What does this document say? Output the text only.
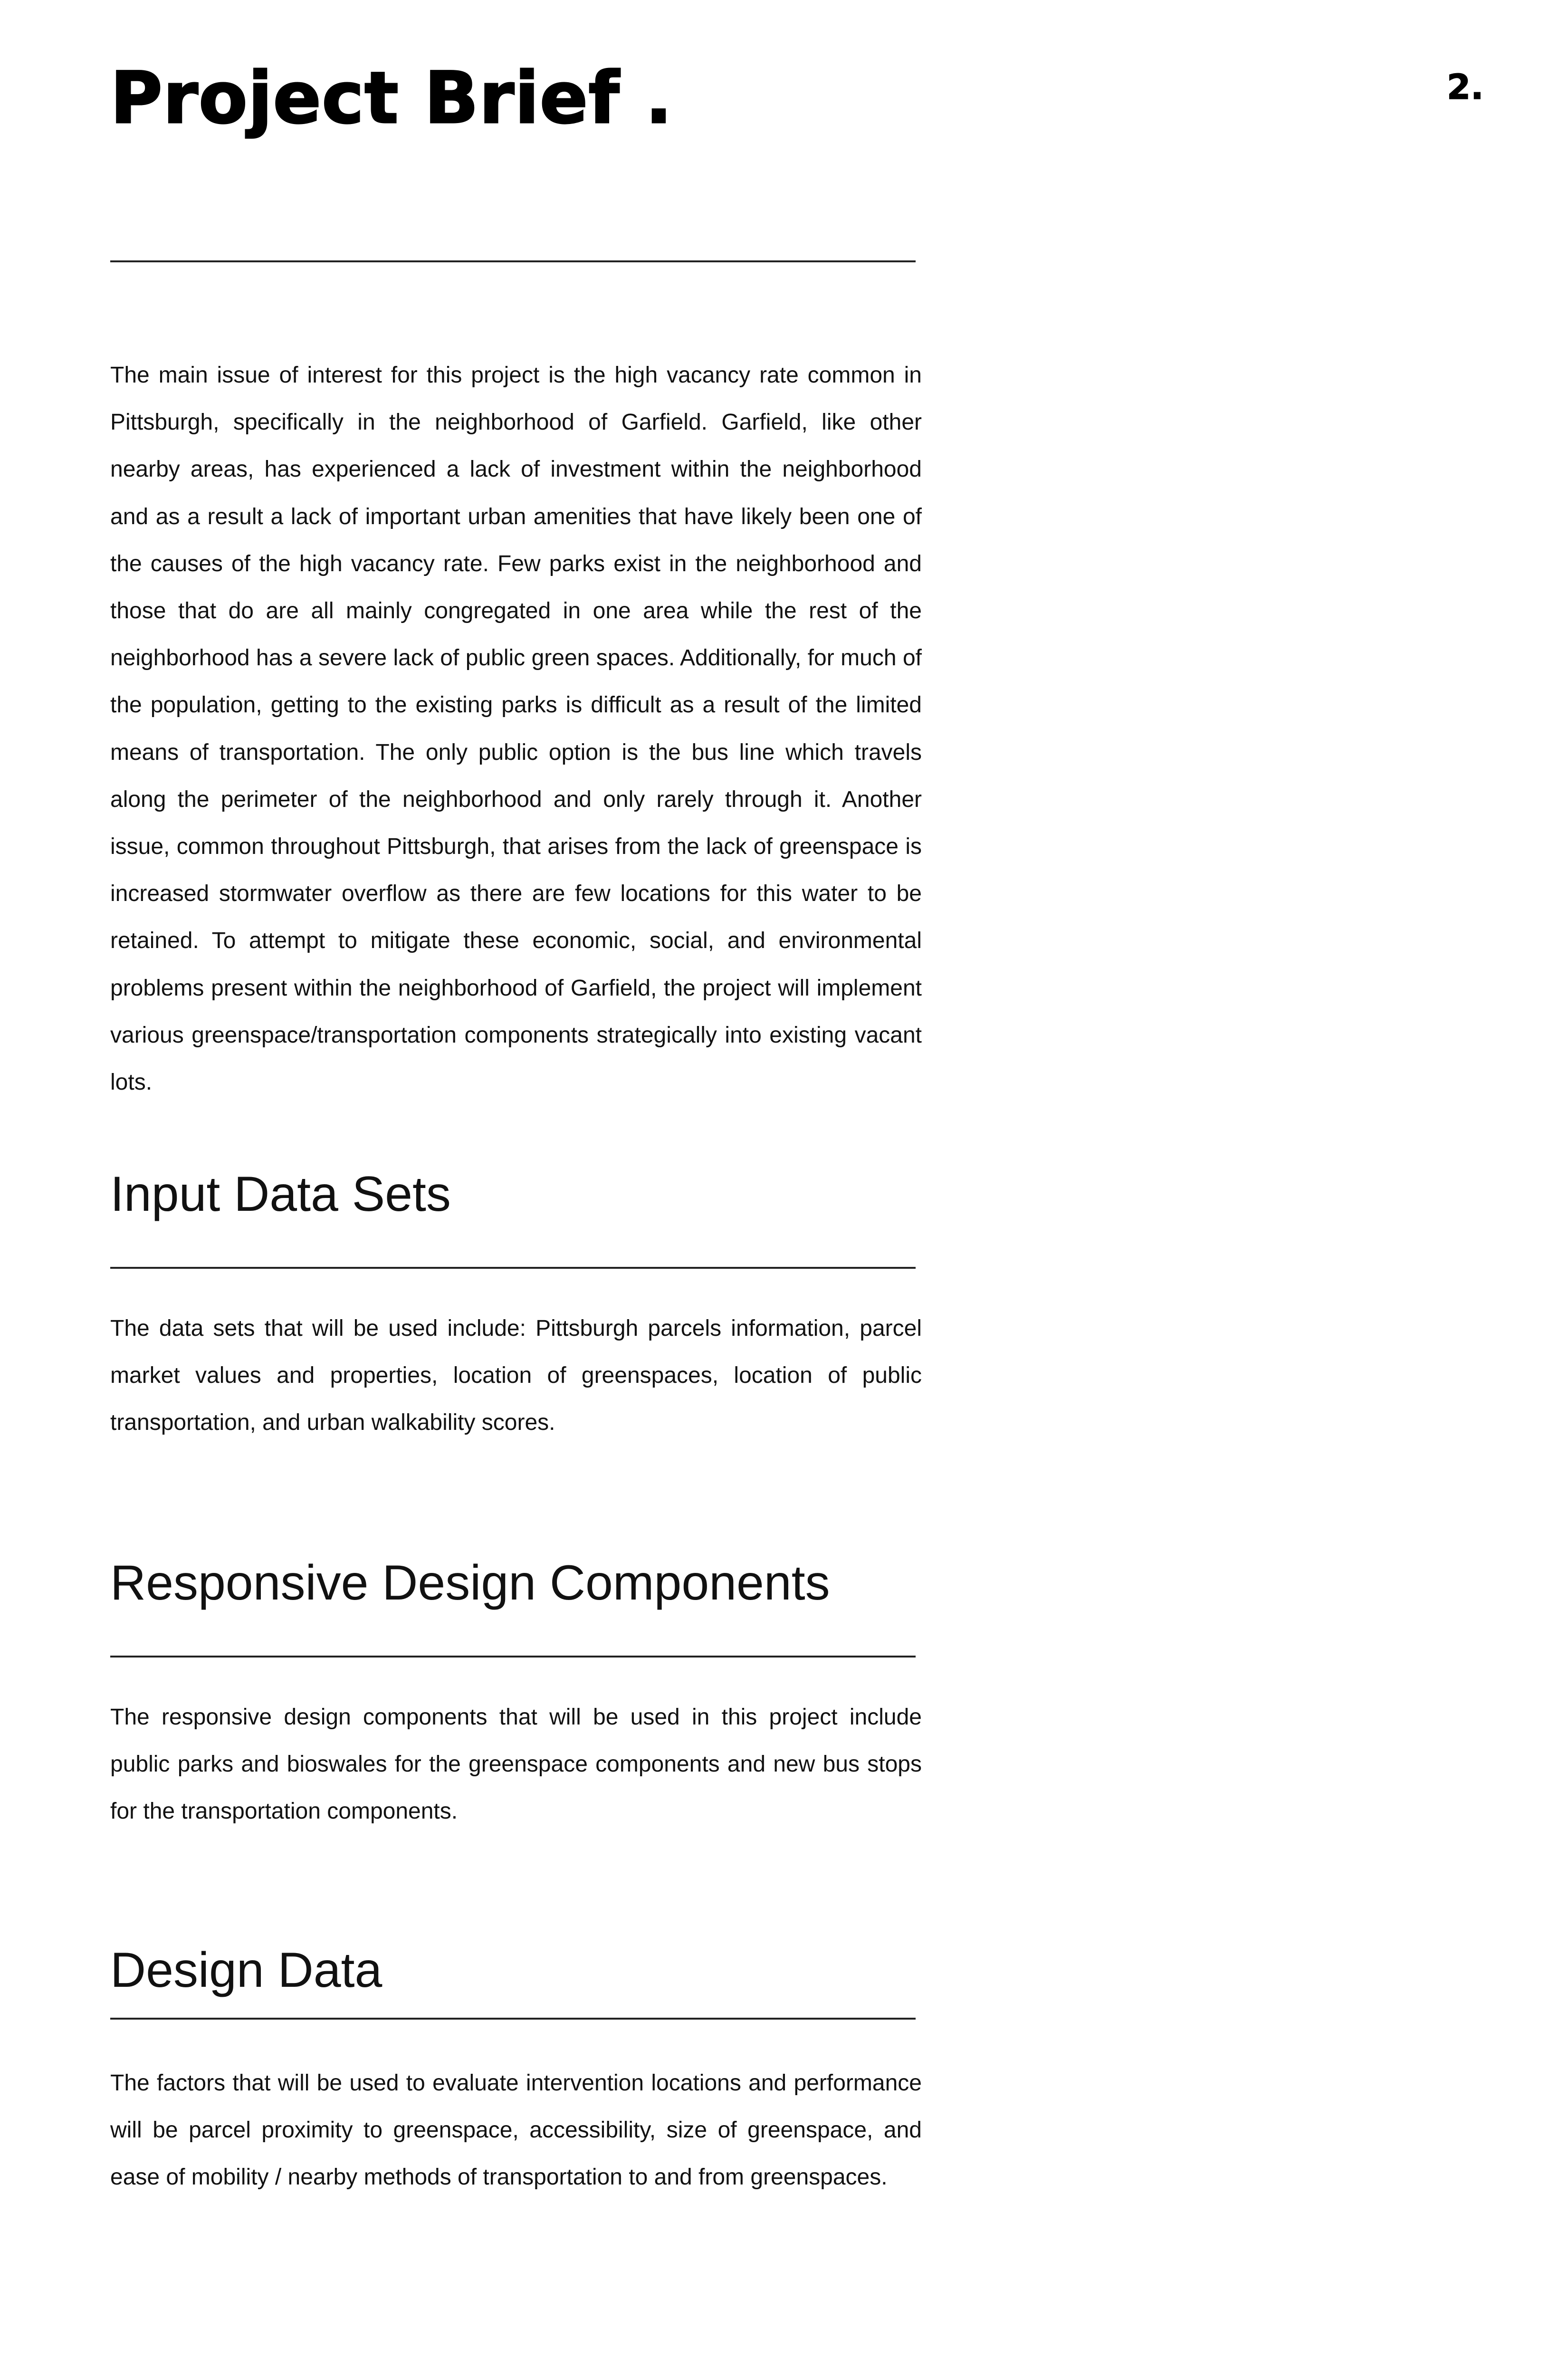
Project Brief .	2.

The main issue of interest for this project is the high vacancy rate common in Pittsburgh, specifically in the neighborhood of Garfield. Garfield, like other nearby areas, has experienced a lack of investment within the neighborhood and as a result a lack of important urban amenities that have likely been one of the causes of the high vacancy rate. Few parks exist in the neighborhood and those that do are all mainly congregated in one area while the rest of the neighborhood has a severe lack of public green spaces. Additionally, for much of the population, getting to the existing parks is difficult as a result of the limited means of transportation. The only public option is the bus line which travels along the perimeter of the neighborhood and only rarely through it. Another issue, common throughout Pittsburgh, that arises from the lack of greenspace is increased stormwater overflow as there are few locations for this water to be retained. To attempt to mitigate these economic, social, and environmental problems present within the neighborhood of Garfield, the project will implement various greenspace/transportation components strategically into existing vacant lots.

Input Data Sets

The data sets that will be used include: Pittsburgh parcels information, parcel market values and properties, location of greenspaces, location of public transportation, and urban walkability scores.

Responsive Design Components

The responsive design components that will be used in this project include public parks and bioswales for the greenspace components and new bus stops for the transportation components.

Design Data

The factors that will be used to evaluate intervention locations and performance will be parcel proximity to greenspace, accessibility, size of greenspace, and ease of mobility / nearby methods of transportation to and from greenspaces.
